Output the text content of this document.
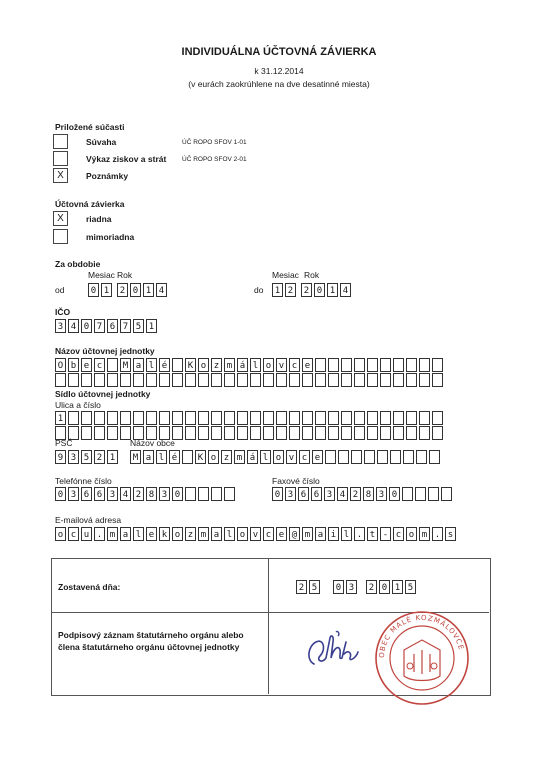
INDIVIDUÁLNA ÚČTOVNÁ ZÁVIERKA
k 31.12.2014
(v eurách zaokrúhlene na dve desatinné miesta)
Priložené súčasti
Súvaha	ÚČ ROPO SFOV 1-01
Výkaz ziskov a strát ÚČ ROPO SFOV 2-01
X	Poznámky
Účtovná závierka
X	riadna
mimoriadna
Za obdobie
Mesiac Rok	Mesiac Rok
od	do
0 1	2 0 1 4	1 2	2 0 1 4
IČO
3 4 0 7 6 7 5 1
Názov účtovnej jednotky
O b e c	M a l é	K o z m á l o v c e
Sídlo účtovnej jednotky
Ulica a číslo
1
PSČ	Názov obce
9 3 5 2 1	M a l é	K o z m á l o v c e
Telefónne číslo	Faxové číslo
0 3 6 6 3 4 2 8 3 0	0 3 6 6 3 4 2 8 3 0
E-mailová adresa
o c u . m a l e k o z m a l o v c e @ m a i l . t - c o m . s
Zostavená dňa:	2 5	0 3	2 0 1 5
Podpisový záznam štatutárneho orgánu alebo
člena štatutárneho orgánu účtovnej jednotky
OBEC MALÉ KOZMÁLOVCE
